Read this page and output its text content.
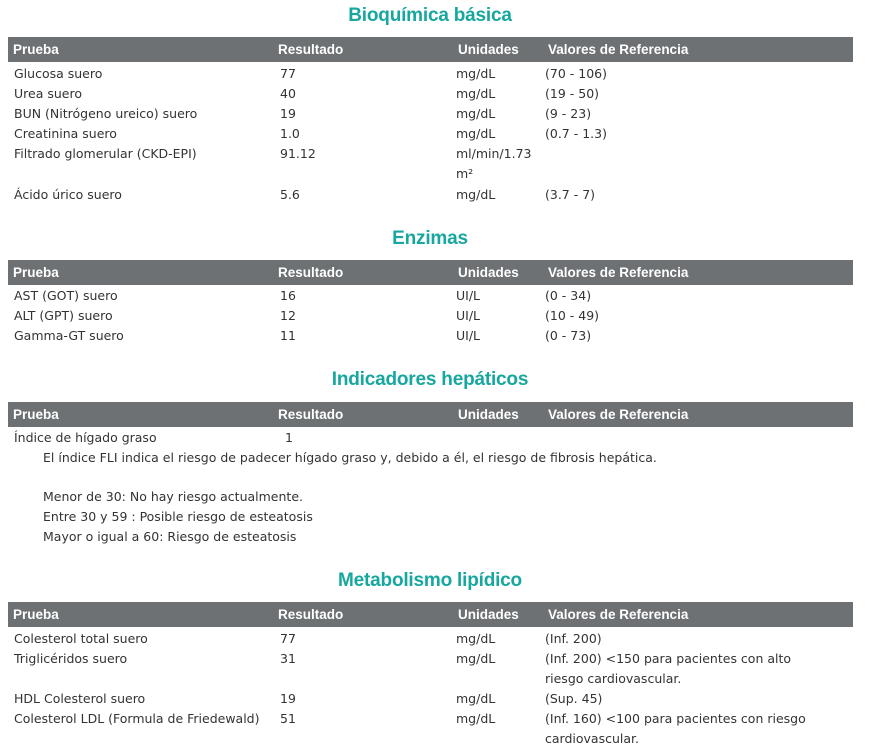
Bioquímica básica
Prueba	Resultado	Unidades Valores de Referencia
Glucosa suero	77	mg/dL	(70 - 106)
Urea suero	40	mg/dL	(19 - 50)
BUN (Nitrógeno ureico) suero	19	mg/dL	(9 - 23)
Creatinina suero	1.0	mg/dL	(0.7 - 1.3)
Filtrado glomerular (CKD-EPI)	91.12	ml/min/1.73
m²
Ácido úrico suero	5.6	mg/dL	(3.7 - 7)
Enzimas
Prueba	Resultado	Unidades Valores de Referencia
AST (GOT) suero	16	UI/L	(0 - 34)
ALT (GPT) suero	12	UI/L	(10 - 49)
Gamma-GT suero	11	UI/L	(0 - 73)
Indicadores hepáticos
Prueba	Resultado	Unidades Valores de Referencia
Índice de hígado graso	1
El índice FLI indica el riesgo de padecer hígado graso y, debido a él, el riesgo de fibrosis hepática.
Menor de 30: No hay riesgo actualmente.
Entre 30 y 59 : Posible riesgo de esteatosis
Mayor o igual a 60: Riesgo de esteatosis
Metabolismo lipídico
Prueba	Resultado	Unidades Valores de Referencia
Colesterol total suero	77	mg/dL	(Inf. 200)
Triglicéridos suero	31	mg/dL	(Inf. 200) <150 para pacientes con alto
riesgo cardiovascular.
HDL Colesterol suero	19	mg/dL	(Sup. 45)
Colesterol LDL (Formula de Friedewald) 51	mg/dL	(Inf. 160) <100 para pacientes con riesgo
cardiovascular.
